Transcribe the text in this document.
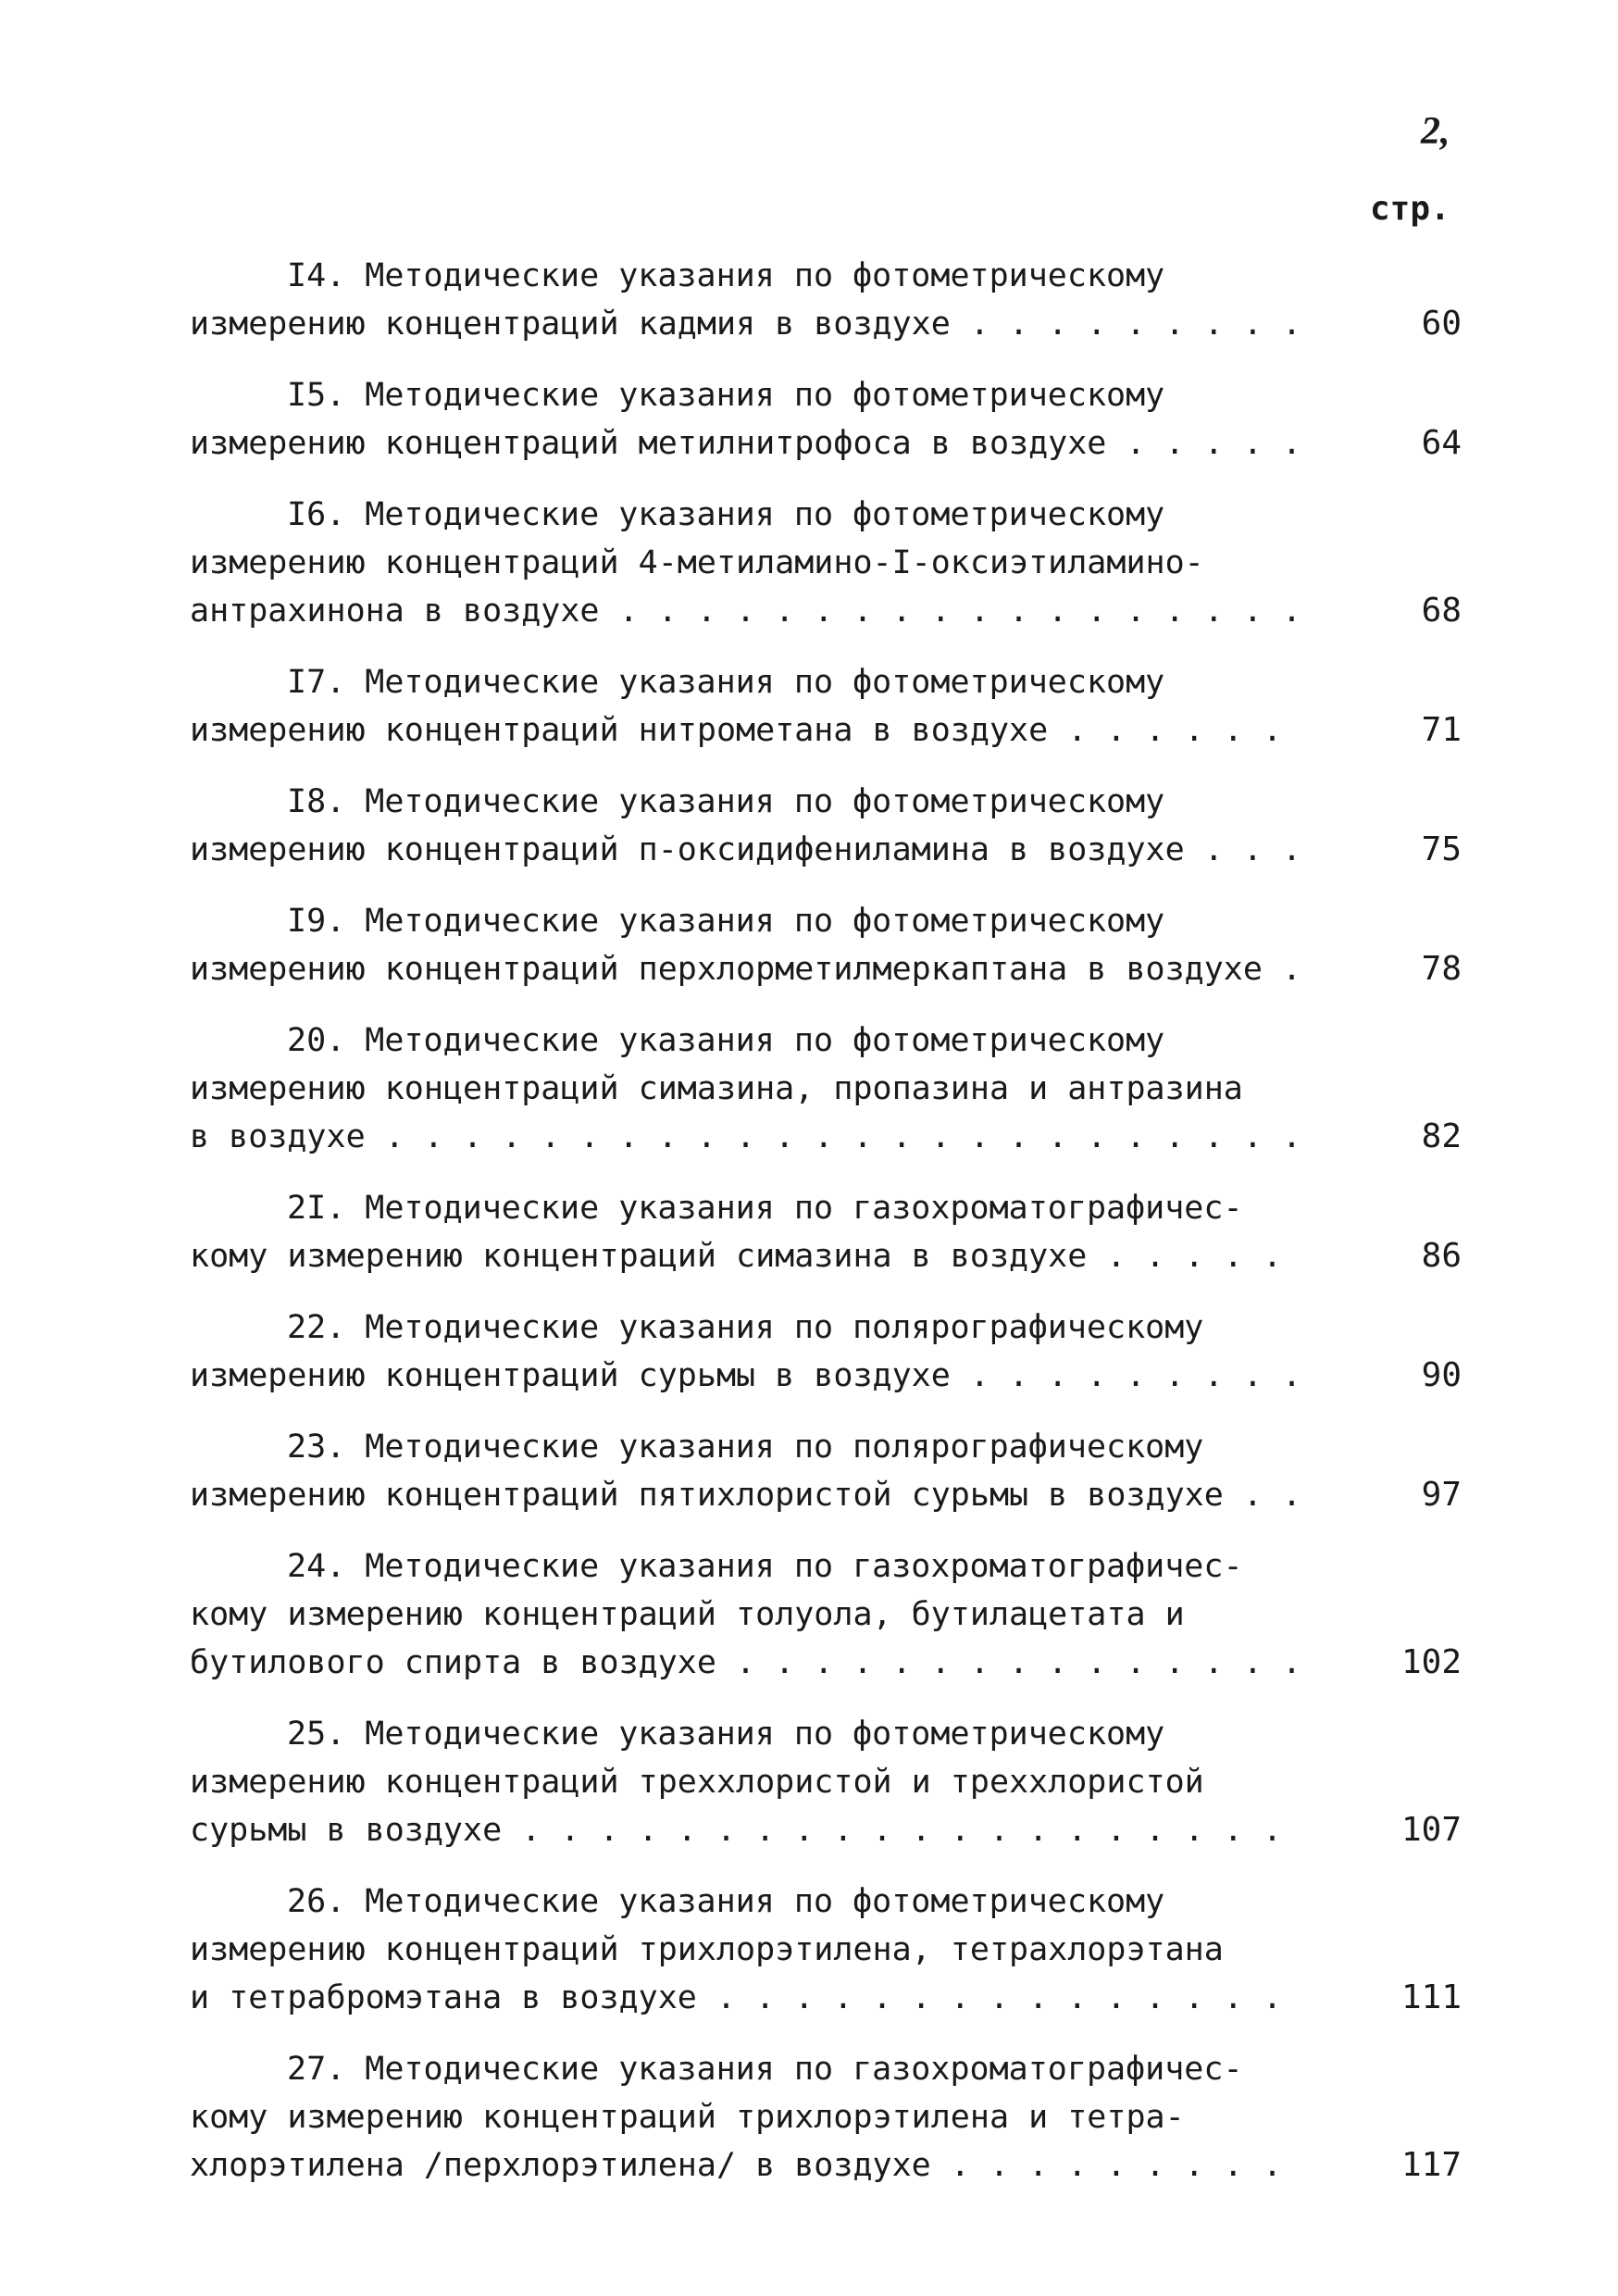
2,
стр.
I4. Методические указания по фотометрическому
измерению концентраций кадмия в воздухе . . . . . . . . .	60
I5. Методические указания по фотометрическому
измерению концентраций метилнитрофоса в воздухе . . . . .	64
I6. Методические указания по фотометрическому
измерению концентраций 4-метиламино-I-оксиэтиламино-
антрахинона в воздухе . . . . . . . . . . . . . . . . . .	68
I7. Методические указания по фотометрическому
измерению концентраций нитрометана в воздухе . . . . . .	71
I8. Методические указания по фотометрическому
измерению концентраций п-оксидифениламина в воздухе . . .	75
I9. Методические указания по фотометрическому
измерению концентраций перхлорметилмеркаптана в воздухе .	78
20. Методические указания по фотометрическому
измерению концентраций симазина, пропазина и антразина
в воздухе . . . . . . . . . . . . . . . . . . . . . . . .	82
2I. Методические указания по газохроматографичес-
кому измерению концентраций симазина в воздухе . . . . .	86
22. Методические указания по полярографическому
измерению концентраций сурьмы в воздухе . . . . . . . . .	90
23. Методические указания по полярографическому
измерению концентраций пятихлористой сурьмы в воздухе . .	97
24. Методические указания по газохроматографичес-
кому измерению концентраций толуола, бутилацетата и
бутилового спирта в воздухе . . . . . . . . . . . . . . .	102
25. Методические указания по фотометрическому
измерению концентраций треххлористой и треххлористой
сурьмы в воздухе . . . . . . . . . . . . . . . . . . . .	107
26. Методические указания по фотометрическому
измерению концентраций трихлорэтилена, тетрахлорэтана
и тетрабромэтана в воздухе . . . . . . . . . . . . . . .	111
27. Методические указания по газохроматографичес-
кому измерению концентраций трихлорэтилена и тетра-
хлорэтилена /перхлорэтилена/ в воздухе . . . . . . . . .	117
